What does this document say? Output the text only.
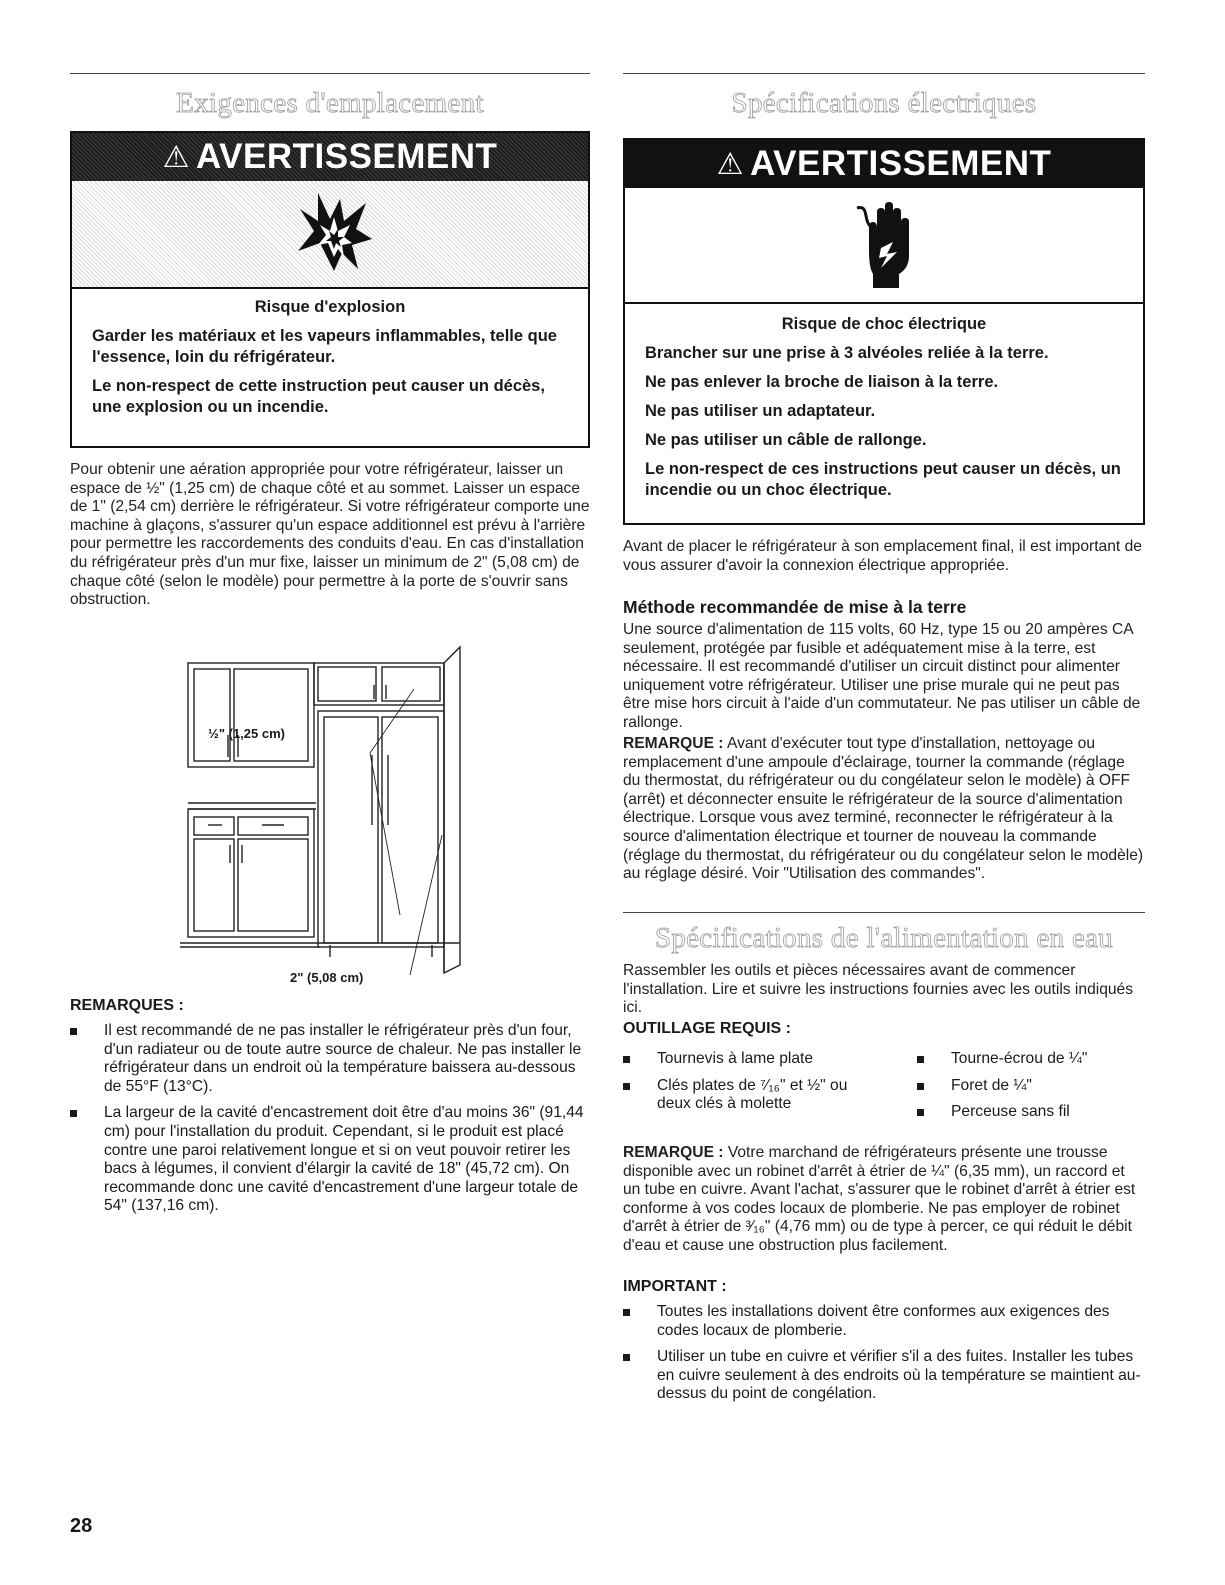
Exigences d'emplacement
⚠ AVERTISSEMENT
Risque d'explosion

Garder les matériaux et les vapeurs inflammables, telle que l'essence, loin du réfrigérateur.

Le non-respect de cette instruction peut causer un décès, une explosion ou un incendie.

Pour obtenir une aération appropriée pour votre réfrigérateur, laisser un espace de ½" (1,25 cm) de chaque côté et au sommet. Laisser un espace de 1" (2,54 cm) derrière le réfrigérateur. Si votre réfrigérateur comporte une machine à glaçons, s'assurer qu'un espace additionnel est prévu à l'arrière pour permettre les raccordements des conduits d'eau. En cas d'installation du réfrigérateur près d'un mur fixe, laisser un minimum de 2" (5,08 cm) de chaque côté (selon le modèle) pour permettre à la porte de s'ouvrir sans obstruction.

½" (1,25 cm)
2" (5,08 cm)
REMARQUES :
Il est recommandé de ne pas installer le réfrigérateur près d'un four, d'un radiateur ou de toute autre source de chaleur. Ne pas installer le réfrigérateur dans un endroit où la température baissera au-dessous de 55°F (13°C).
La largeur de la cavité d'encastrement doit être d'au moins 36" (91,44 cm) pour l'installation du produit. Cependant, si le produit est placé contre une paroi relativement longue et si on veut pouvoir retirer les bacs à légumes, il convient d'élargir la cavité de 18" (45,72 cm). On recommande donc une cavité d'encastrement d'une largeur totale de 54" (137,16 cm).
Spécifications électriques
⚠ AVERTISSEMENT
Risque de choc électrique

Brancher sur une prise à 3 alvéoles reliée à la terre.

Ne pas enlever la broche de liaison à la terre.

Ne pas utiliser un adaptateur.

Ne pas utiliser un câble de rallonge.

Le non-respect de ces instructions peut causer un décès, un incendie ou un choc électrique.

Avant de placer le réfrigérateur à son emplacement final, il est important de vous assurer d'avoir la connexion électrique appropriée.

Méthode recommandée de mise à la terre

Une source d'alimentation de 115 volts, 60 Hz, type 15 ou 20 ampères CA seulement, protégée par fusible et adéquatement mise à la terre, est nécessaire. Il est recommandé d'utiliser un circuit distinct pour alimenter uniquement votre réfrigérateur. Utiliser une prise murale qui ne peut pas être mise hors circuit à l'aide d'un commutateur. Ne pas utiliser un câble de rallonge.

REMARQUE : Avant d'exécuter tout type d'installation, nettoyage ou remplacement d'une ampoule d'éclairage, tourner la commande (réglage du thermostat, du réfrigérateur ou du congélateur selon le modèle) à OFF (arrêt) et déconnecter ensuite le réfrigérateur de la source d'alimentation électrique. Lorsque vous avez terminé, reconnecter le réfrigérateur à la source d'alimentation électrique et tourner de nouveau la commande (réglage du thermostat, du réfrigérateur ou du congélateur selon le modèle) au réglage désiré. Voir "Utilisation des commandes".

Spécifications de l'alimentation en eau

Rassembler les outils et pièces nécessaires avant de commencer l'installation. Lire et suivre les instructions fournies avec les outils indiqués ici.

OUTILLAGE REQUIS :
Tournevis à lame plate
Clés plates de ⁷⁄₁₆" et ½" ou deux clés à molette
Tourne-écrou de ¼"
Foret de ¼"
Perceuse sans fil

REMARQUE : Votre marchand de réfrigérateurs présente une trousse disponible avec un robinet d'arrêt à étrier de ¼" (6,35 mm), un raccord et un tube en cuivre. Avant l'achat, s'assurer que le robinet d'arrêt à étrier est conforme à vos codes locaux de plomberie. Ne pas employer de robinet d'arrêt à étrier de ³⁄₁₆" (4,76 mm) ou de type à percer, ce qui réduit le débit d'eau et cause une obstruction plus facilement.

IMPORTANT :
Toutes les installations doivent être conformes aux exigences des codes locaux de plomberie.
Utiliser un tube en cuivre et vérifier s'il a des fuites. Installer les tubes en cuivre seulement à des endroits où la température se maintient au-dessus du point de congélation.
28
